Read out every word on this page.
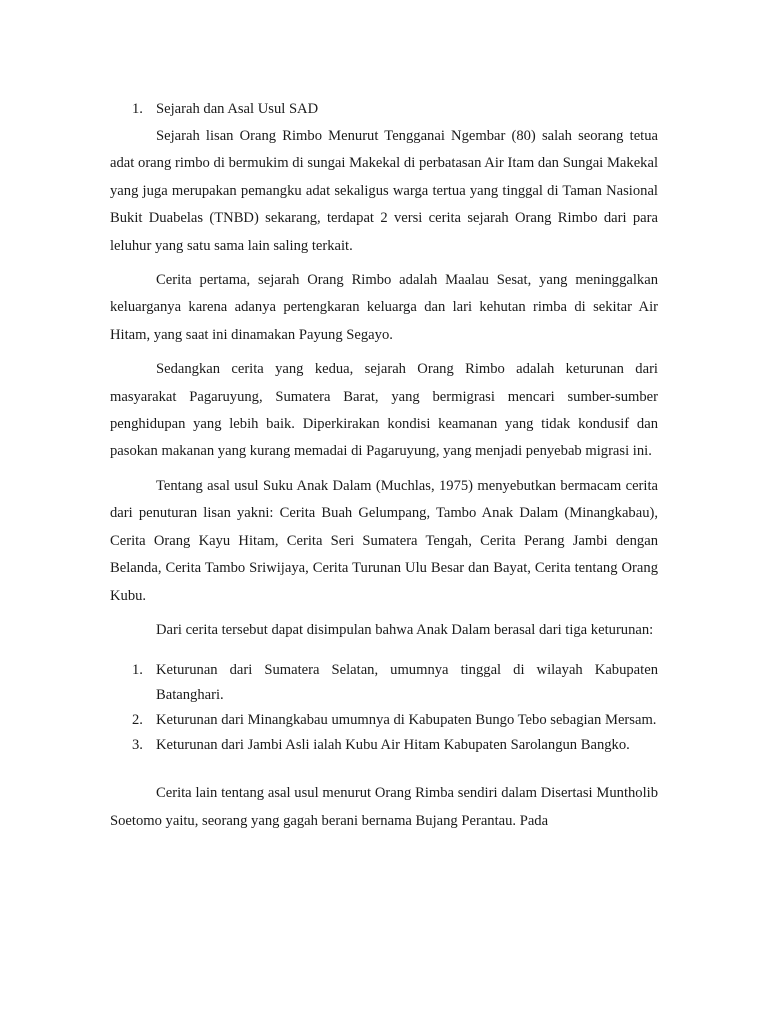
1. Sejarah dan Asal Usul SAD

Sejarah lisan Orang Rimbo Menurut Tengganai Ngembar (80) salah seorang tetua adat orang rimbo di bermukim di sungai Makekal di perbatasan Air Itam dan Sungai Makekal yang juga merupakan pemangku adat sekaligus warga tertua yang tinggal di Taman Nasional Bukit Duabelas (TNBD) sekarang, terdapat 2 versi cerita sejarah Orang Rimbo dari para leluhur yang satu sama lain saling terkait.

Cerita pertama, sejarah Orang Rimbo adalah Maalau Sesat, yang meninggalkan keluarganya karena adanya pertengkaran keluarga dan lari kehutan rimba di sekitar Air Hitam, yang saat ini dinamakan Payung Segayo.

Sedangkan cerita yang kedua, sejarah Orang Rimbo adalah keturunan dari masyarakat Pagaruyung, Sumatera Barat, yang bermigrasi mencari sumber-sumber penghidupan yang lebih baik. Diperkirakan kondisi keamanan yang tidak kondusif dan pasokan makanan yang kurang memadai di Pagaruyung, yang menjadi penyebab migrasi ini.

Tentang asal usul Suku Anak Dalam (Muchlas, 1975) menyebutkan bermacam cerita dari penuturan lisan yakni: Cerita Buah Gelumpang, Tambo Anak Dalam (Minangkabau), Cerita Orang Kayu Hitam, Cerita Seri Sumatera Tengah, Cerita Perang Jambi dengan Belanda, Cerita Tambo Sriwijaya, Cerita Turunan Ulu Besar dan Bayat, Cerita tentang Orang Kubu.

Dari cerita tersebut dapat disimpulan bahwa Anak Dalam berasal dari tiga keturunan:

1. Keturunan dari Sumatera Selatan, umumnya tinggal di wilayah Kabupaten Batanghari.
2. Keturunan dari Minangkabau umumnya di Kabupaten Bungo Tebo sebagian Mersam.
3. Keturunan dari Jambi Asli ialah Kubu Air Hitam Kabupaten Sarolangun Bangko.

Cerita lain tentang asal usul menurut Orang Rimba sendiri dalam Disertasi Muntholib Soetomo yaitu, seorang yang gagah berani bernama Bujang Perantau. Pada
